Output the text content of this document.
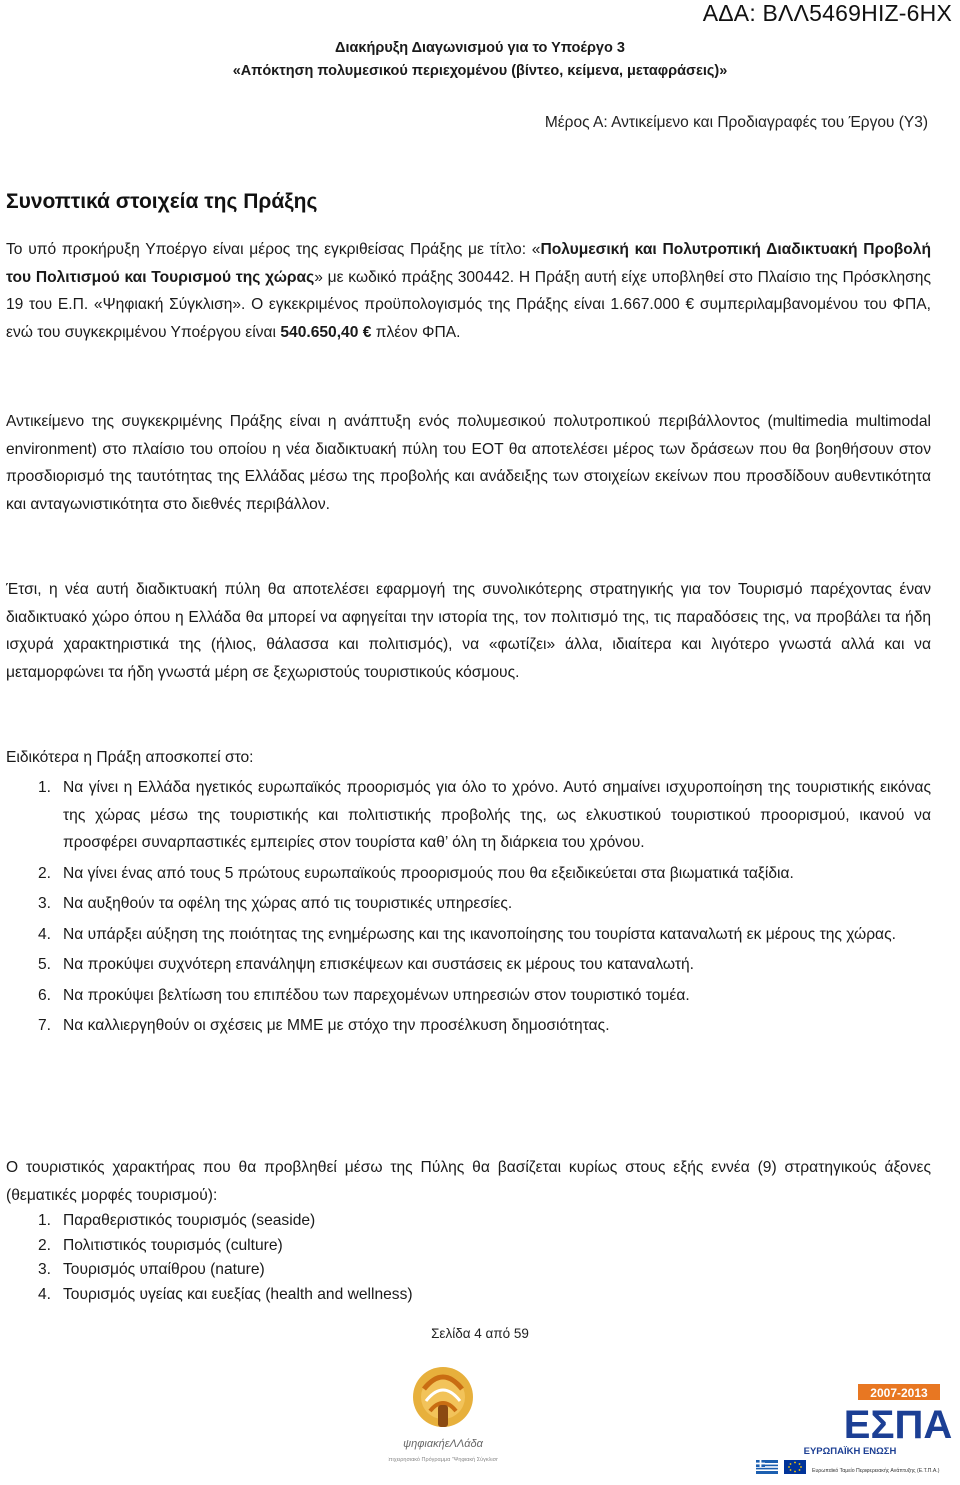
ΑΔΑ: ΒΛΛ5469ΗΙΖ-6ΗΧ
Διακήρυξη Διαγωνισμού για το Υποέργο 3
«Απόκτηση πολυμεσικού περιεχομένου (βίντεο, κείμενα, μεταφράσεις)»
Μέρος Α: Αντικείμενο και Προδιαγραφές του Έργου (Υ3)
Συνοπτικά στοιχεία της Πράξης
Το υπό προκήρυξη Υποέργο είναι μέρος της εγκριθείσας Πράξης με τίτλο: «Πολυμεσική και Πολυτροπική Διαδικτυακή Προβολή του Πολιτισμού και Τουρισμού της χώρας» με κωδικό πράξης 300442. Η Πράξη αυτή είχε υποβληθεί στο Πλαίσιο της Πρόσκλησης 19 του Ε.Π. «Ψηφιακή Σύγκλιση». Ο εγκεκριμένος προϋπολογισμός της Πράξης είναι 1.667.000 € συμπεριλαμβανομένου του ΦΠΑ, ενώ του συγκεκριμένου Υποέργου είναι 540.650,40 € πλέον ΦΠΑ.
Αντικείμενο της συγκεκριμένης Πράξης είναι η ανάπτυξη ενός πολυμεσικού πολυτροπικού περιβάλλοντος (multimedia multimodal environment) στο πλαίσιο του οποίου η νέα διαδικτυακή πύλη του ΕΟΤ θα αποτελέσει μέρος των δράσεων που θα βοηθήσουν στον προσδιορισμό της ταυτότητας της Ελλάδας μέσω της προβολής και ανάδειξης των στοιχείων εκείνων που προσδίδουν αυθεντικότητα και ανταγωνιστικότητα στο διεθνές περιβάλλον.
Έτσι, η νέα αυτή διαδικτυακή πύλη θα αποτελέσει εφαρμογή της συνολικότερης στρατηγικής για τον Τουρισμό παρέχοντας έναν διαδικτυακό χώρο όπου η Ελλάδα θα μπορεί να αφηγείται την ιστορία της, τον πολιτισμό της, τις παραδόσεις της, να προβάλει τα ήδη ισχυρά χαρακτηριστικά της (ήλιος, θάλασσα και πολιτισμός), να «φωτίζει» άλλα, ιδιαίτερα και λιγότερο γνωστά αλλά και να μεταμορφώνει τα ήδη γνωστά μέρη σε ξεχωριστούς τουριστικούς κόσμους.
Ειδικότερα η Πράξη αποσκοπεί στο:
1. Να γίνει η Ελλάδα ηγετικός ευρωπαϊκός προορισμός για όλο το χρόνο. Αυτό σημαίνει ισχυροποίηση της τουριστικής εικόνας της χώρας μέσω της τουριστικής και πολιτιστικής προβολής της, ως ελκυστικού τουριστικού προορισμού, ικανού να προσφέρει συναρπαστικές εμπειρίες στον τουρίστα καθ’ όλη τη διάρκεια του χρόνου.
2. Να γίνει ένας από τους 5 πρώτους ευρωπαϊκούς προορισμούς που θα εξειδικεύεται στα βιωματικά ταξίδια.
3. Να αυξηθούν τα οφέλη της χώρας από τις τουριστικές υπηρεσίες.
4. Να υπάρξει αύξηση της ποιότητας της ενημέρωσης και της ικανοποίησης του τουρίστα καταναλωτή εκ μέρους της χώρας.
5. Να προκύψει συχνότερη επανάληψη επισκέψεων και συστάσεις εκ μέρους του καταναλωτή.
6. Να προκύψει βελτίωση του επιπέδου των παρεχομένων υπηρεσιών στον τουριστικό τομέα.
7. Να καλλιεργηθούν οι σχέσεις με ΜΜΕ με στόχο την προσέλκυση δημοσιότητας.
Ο τουριστικός χαρακτήρας που θα προβληθεί μέσω της Πύλης θα βασίζεται κυρίως στους εξής εννέα (9) στρατηγικούς άξονες (θεματικές μορφές τουρισμού):
1. Παραθεριστικός τουρισμός (seaside)
2. Πολιτιστικός τουρισμός (culture)
3. Τουρισμός υπαίθρου (nature)
4. Τουρισμός υγείας και ευεξίας (health and wellness)
Σελίδα 4 από 59
ψηφιακήεΛΛάδα
Επιχειρησιακό Πρόγραμμα "Ψηφιακή Σύγκλιση"
2007-2013
ΕΣΠΑ
ΕΥΡΩΠΑΪΚΗ ΕΝΩΣΗ
Ευρωπαϊκό Ταμείο Περιφερειακής Ανάπτυξης (Ε.Τ.Π.Α.)
